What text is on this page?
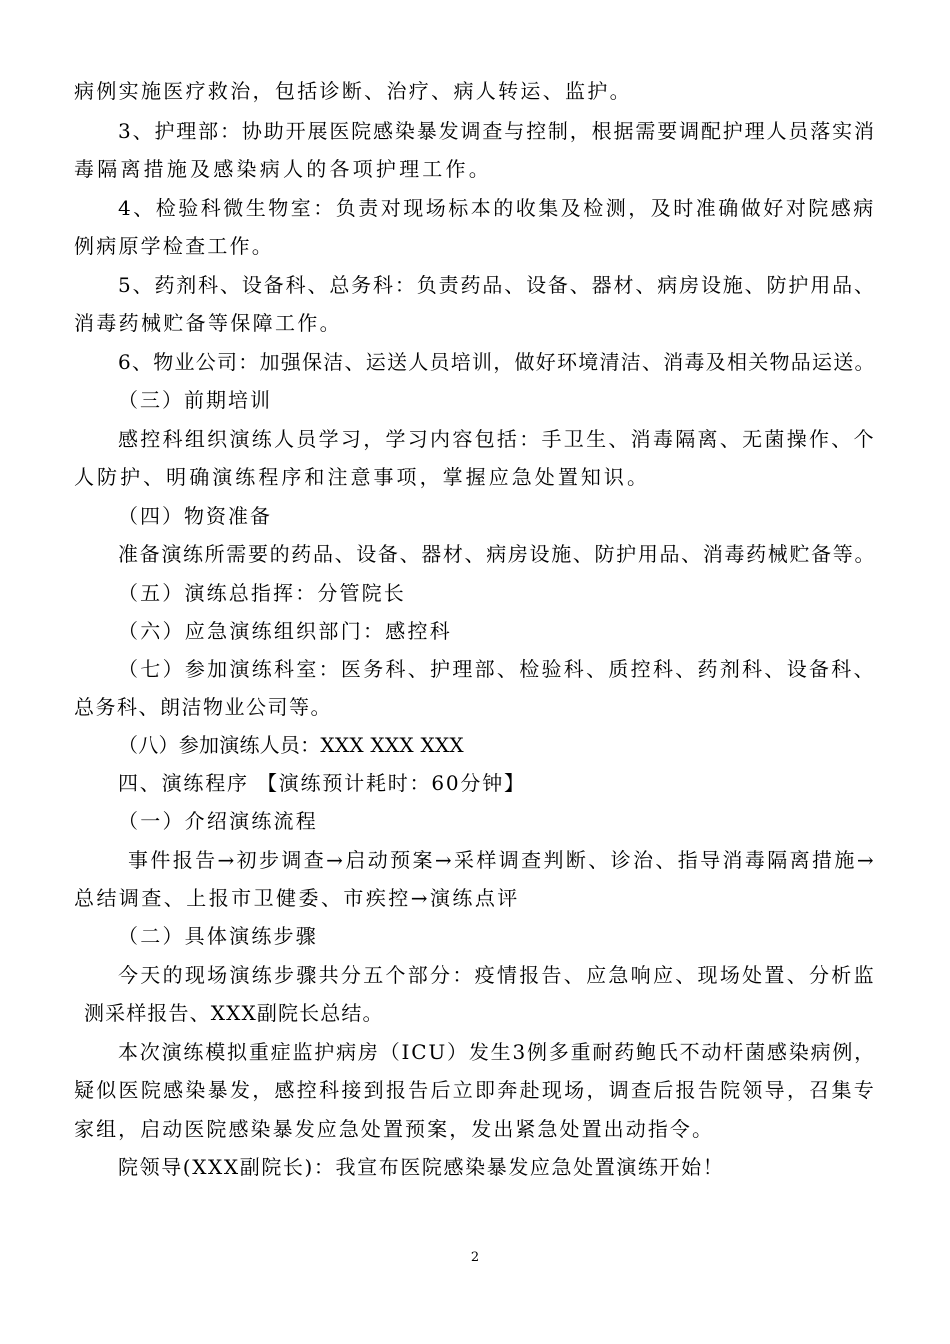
病例实施医疗救治，包括诊断、治疗、病人转运、监护。
3、护理部：协助开展医院感染暴发调查与控制，根据需要调配护理人员落实消
毒隔离措施及感染病人的各项护理工作。
4、检验科微生物室：负责对现场标本的收集及检测，及时准确做好对院感病
例病原学检查工作。
5、药剂科、设备科、总务科：负责药品、设备、器材、病房设施、防护用品、
消毒药械贮备等保障工作。
6、物业公司：加强保洁、运送人员培训，做好环境清洁、消毒及相关物品运送。
（三）前期培训
感控科组织演练人员学习，学习内容包括：手卫生、消毒隔离、无菌操作、个
人防护、明确演练程序和注意事项，掌握应急处置知识。
（四）物资准备
准备演练所需要的药品、设备、器材、病房设施、防护用品、消毒药械贮备等。
（五）演练总指挥：分管院长
（六）应急演练组织部门：感控科
（七）参加演练科室：医务科、护理部、检验科、质控科、药剂科、设备科、
总务科、朗洁物业公司等。
（八）参加演练人员：XXX XXX XXX
四、演练程序 【演练预计耗时：60分钟】
（一）介绍演练流程
事件报告→初步调查→启动预案→采样调查判断、诊治、指导消毒隔离措施→
总结调查、上报市卫健委、市疾控→演练点评
（二）具体演练步骤
今天的现场演练步骤共分五个部分：疫情报告、应急响应、现场处置、分析监
测采样报告、XXX副院长总结。
本次演练模拟重症监护病房（ICU）发生3例多重耐药鲍氏不动杆菌感染病例，
疑似医院感染暴发，感控科接到报告后立即奔赴现场，调查后报告院领导，召集专
家组，启动医院感染暴发应急处置预案，发出紧急处置出动指令。
院领导(XXX副院长)：我宣布医院感染暴发应急处置演练开始！
2
